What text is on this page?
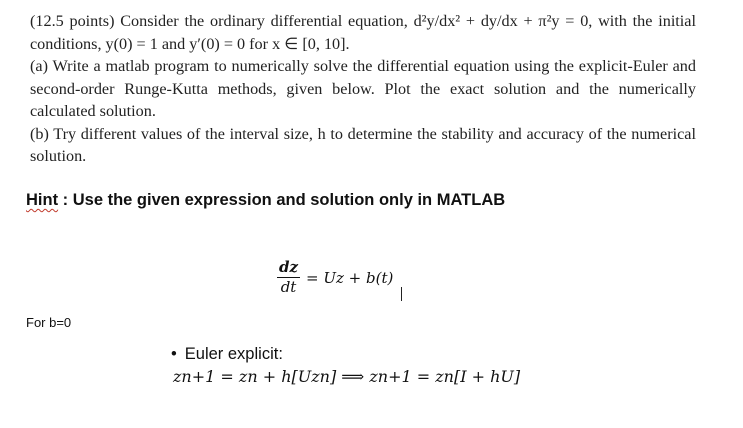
(12.5 points) Consider the ordinary differential equation, d²y/dx² + dy/dx + π²y = 0, with the initial conditions, y(0) = 1 and y′(0) = 0 for x ∈ [0, 10].

(a) Write a matlab program to numerically solve the differential equation using the explicit-Euler and second-order Runge-Kutta methods, given below. Plot the exact solution and the numerically calculated solution.

(b) Try different values of the interval size, h to determine the stability and accuracy of the numerical solution.

Hint : Use the given expression and solution only in MATLAB
$\frac{dz}{dt} = Uz + b(t)$
For b=0
• Euler explicit:
zn+1 = zn + h[Uzn] ⟹ zn+1 = zn[I + hU]
